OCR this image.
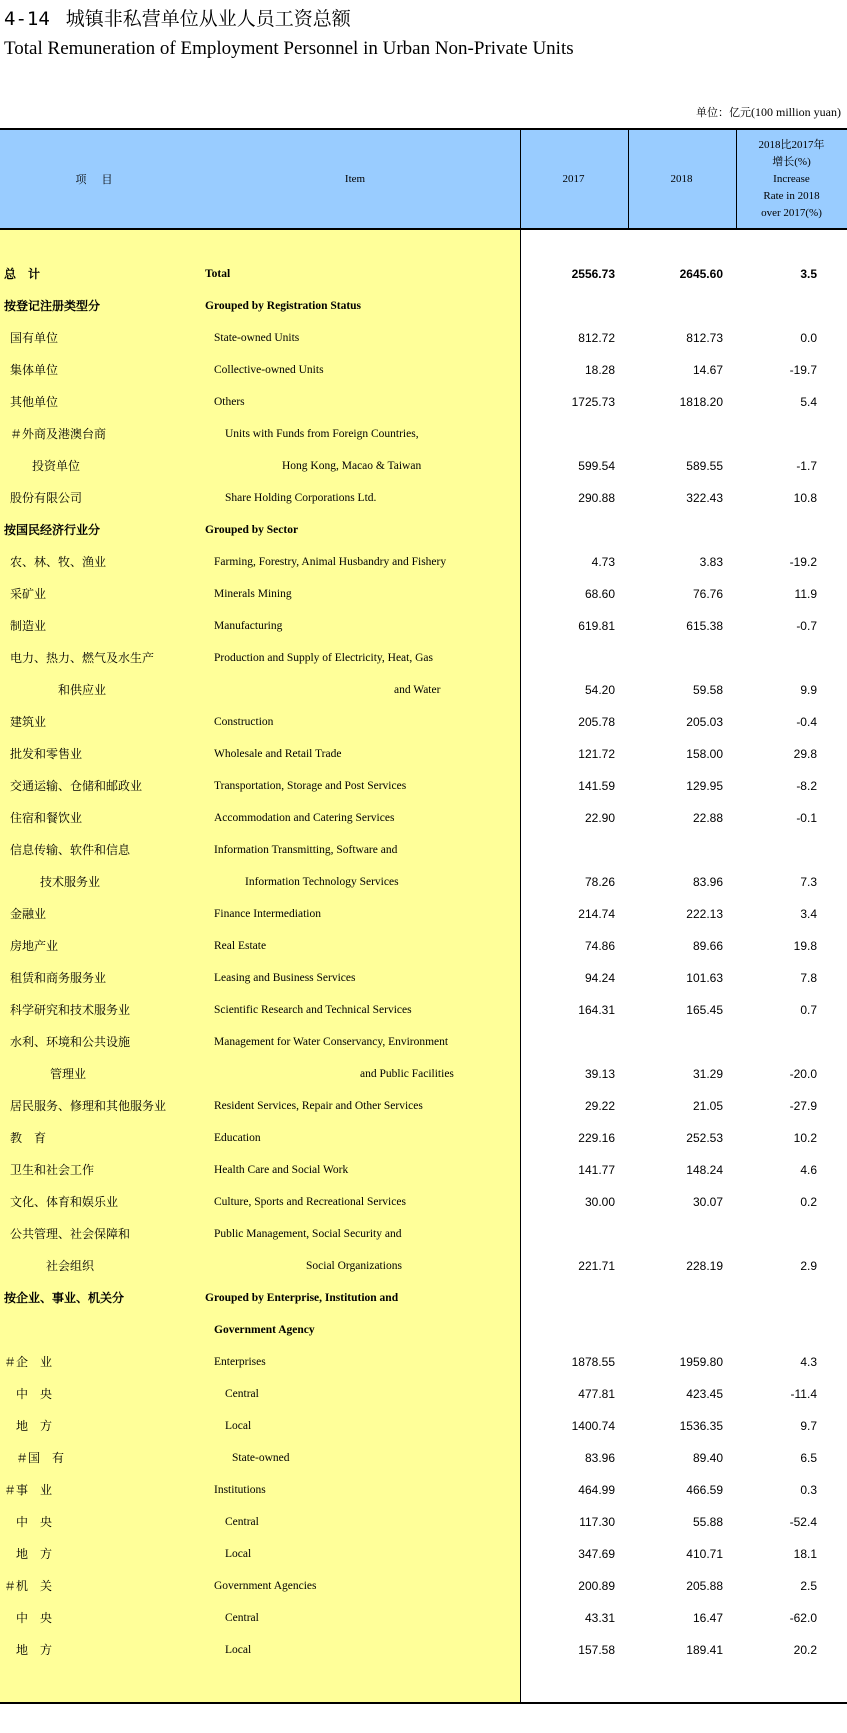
4-14 城镇非私营单位从业人员工资总额
Total Remuneration of Employment Personnel in Urban Non-Private Units
单位：亿元(100 million yuan)
项　目	Item	2017	2018
2018比2017年
增长(%)
Increase
Rate in 2018
over 2017(%)
总　计	Total	2556.73	2645.60	3.5
按登记注册类型分	Grouped by Registration Status
国有单位	State-owned Units	812.72	812.73	0.0
集体单位	Collective-owned Units	18.28	14.67	-19.7
其他单位	Others	1725.73	1818.20	5.4
＃外商及港澳台商	Units with Funds from Foreign Countries,
投资单位	Hong Kong, Macao & Taiwan	599.54	589.55	-1.7
股份有限公司	Share Holding Corporations Ltd.	290.88	322.43	10.8
按国民经济行业分	Grouped by Sector
农、林、牧、渔业	Farming, Forestry, Animal Husbandry and Fishery	4.73	3.83	-19.2
采矿业	Minerals Mining	68.60	76.76	11.9
制造业	Manufacturing	619.81	615.38	-0.7
电力、热力、燃气及水生产	Production and Supply of Electricity, Heat, Gas
和供应业	and Water	54.20	59.58	9.9
建筑业	Construction	205.78	205.03	-0.4
批发和零售业	Wholesale and Retail Trade	121.72	158.00	29.8
交通运输、仓储和邮政业	Transportation, Storage and Post Services	141.59	129.95	-8.2
住宿和餐饮业	Accommodation and Catering Services	22.90	22.88	-0.1
信息传输、软件和信息	Information Transmitting, Software and
技术服务业	Information Technology Services	78.26	83.96	7.3
金融业	Finance Intermediation	214.74	222.13	3.4
房地产业	Real Estate	74.86	89.66	19.8
租赁和商务服务业	Leasing and Business Services	94.24	101.63	7.8
科学研究和技术服务业	Scientific Research and Technical Services	164.31	165.45	0.7
水利、环境和公共设施	Management for Water Conservancy, Environment
管理业	and Public Facilities	39.13	31.29	-20.0
居民服务、修理和其他服务业	Resident Services, Repair and Other Services	29.22	21.05	-27.9
教　育	Education	229.16	252.53	10.2
卫生和社会工作	Health Care and Social Work	141.77	148.24	4.6
文化、体育和娱乐业	Culture, Sports and Recreational Services	30.00	30.07	0.2
公共管理、社会保障和	Public Management, Social Security and
社会组织	Social Organizations	221.71	228.19	2.9
按企业、事业、机关分	Grouped by Enterprise, Institution and
Government Agency
＃企　业	Enterprises	1878.55	1959.80	4.3
中　央	Central	477.81	423.45	-11.4
地　方	Local	1400.74	1536.35	9.7
＃国　有	State-owned	83.96	89.40	6.5
＃事　业	Institutions	464.99	466.59	0.3
中　央	Central	117.30	55.88	-52.4
地　方	Local	347.69	410.71	18.1
＃机　关	Government Agencies	200.89	205.88	2.5
中　央	Central	43.31	16.47	-62.0
地　方	Local	157.58	189.41	20.2
